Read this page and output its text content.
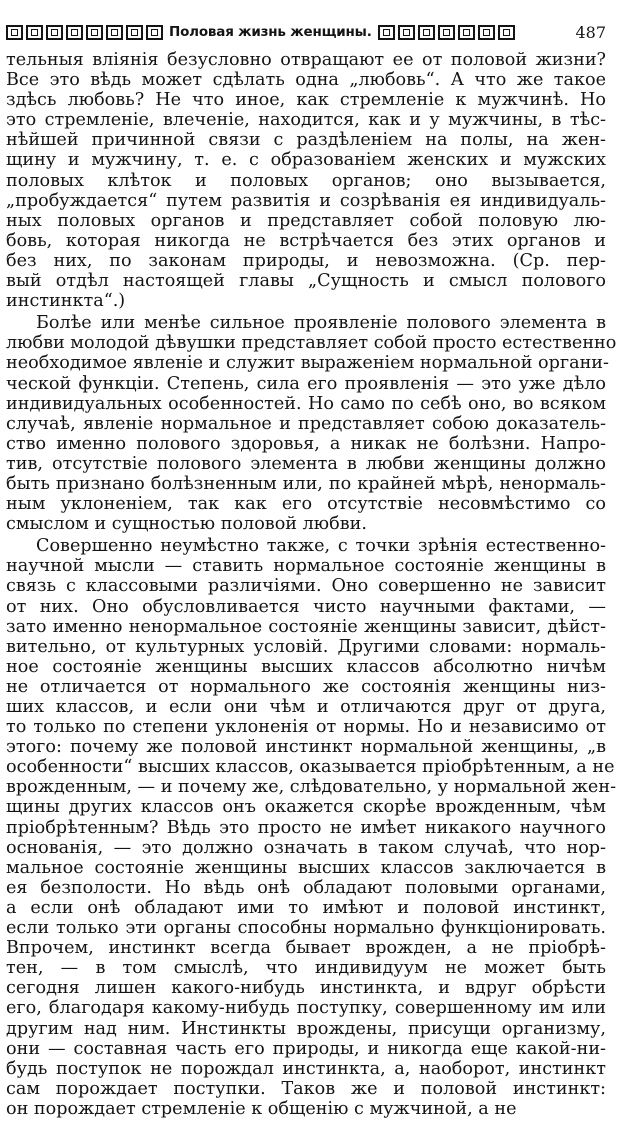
Половая жизнь женщины.	487

тельныя влiянiя безусловно отвращают ее от половой жизни?
Все это вѣдь может сдѣлать одна „любовь“. А что же такое
здѣсь любовь? Не что иное, как стремленiе к мужчинѣ. Но
это стремленiе, влеченiе, находится, как и у мужчины, в тѣс-
нѣйшей причинной связи с раздѣленiем на полы, на жен-
щину и мужчину, т. е. с образованiем женских и мужских
половых клѣток и половых органов; оно вызывается,
„пробуждается“ путем развитiя и созрѣванiя ея индивидуаль-
ных половых органов и представляет собой половую лю-
бовь, которая никогда не встрѣчается без этих органов и
без них, по законам природы, и невозможна. (Ср. пер-
вый отдѣл настоящей главы „Сущность и смысл полового
инстинкта“.)

Болѣе или менѣе сильное проявленiе полового элемента в
любви молодой дѣвушки представляет собой просто естественно
необходимое явленiе и служит выраженiем нормальной органи-
ческой функцiи. Степень, сила его проявленiя — это уже дѣло
индивидуальных особенностей. Но само по себѣ оно, во всяком
случаѣ, явленiе нормальное и представляет собою доказатель-
ство именно полового здоровья, а никак не болѣзни. Напро-
тив, отсутствiе полового элемента в любви женщины должно
быть признано болѣзненным или, по крайней мѣрѣ, ненормаль-
ным уклоненiем, так как его отсутствiе несовмѣстимо со
смыслом и сущностью половой любви.

Совершенно неумѣстно также, с точки зрѣнiя естественно-
научной мысли — ставить нормальное состоянiе женщины в
связь с классовыми различiями. Оно совершенно не зависит
от них. Оно обусловливается чисто научными фактами, —
зато именно ненормальное состоянiе женщины зависит, дѣйст-
вительно, от культурных условiй. Другими словами: нормаль-
ное состоянiе женщины высших классов абсолютно ничѣм
не отличается от нормального же состоянiя женщины низ-
ших классов, и если они чѣм и отличаются друг от друга,
то только по степени уклоненiя от нормы. Но и независимо от
этого: почему же половой инстинкт нормальной женщины, „в
особенности“ высших классов, оказывается прiобрѣтенным, а не
врожденным, — и почему же, слѣдовательно, у нормальной жен-
щины других классов онъ окажется скорѣе врожденным, чѣм
прiобрѣтенным? Вѣдь это просто не имѣет никакого научного
основанiя, — это должно означать в таком случаѣ, что нор-
мальное состоянiе женщины высших классов заключается в
ея безполости. Но вѣдь онѣ обладают половыми органами,
а если онѣ обладают ими то имѣют и половой инстинкт,
если только эти органы способны нормально функцiонировать.
Впрочем, инстинкт всегда бывает врожден, а не прiобрѣ-
тен, — в том смыслѣ, что индивидуум не может быть
сегодня лишен какого-нибудь инстинкта, и вдруг обрѣсти
его, благодаря какому-нибудь поступку, совершенному им или
другим над ним. Инстинкты врождены, присущи организму,
они — составная часть его природы, и никогда еще какой-ни-
будь поступок не порождал инстинкта, а, наоборот, инстинкт
сам порождает поступки. Таков же и половой инстинкт:
он порождает стремленiе к общенiю с мужчиной, а не
